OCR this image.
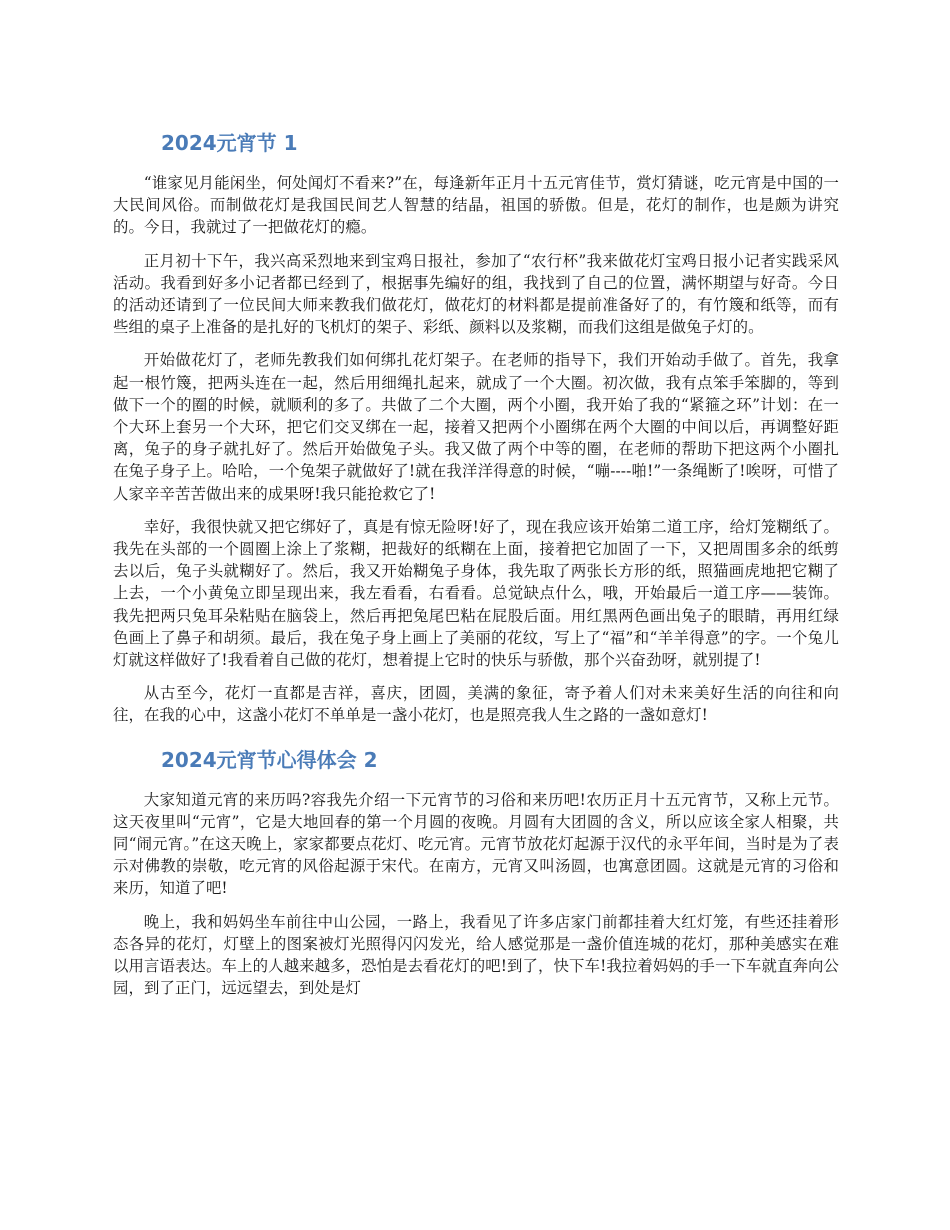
2024元宵节 1

“谁家见月能闲坐，何处闻灯不看来?”在，每逢新年正月十五元宵佳节，赏灯猜谜，吃元宵是中国的一大民间风俗。而制做花灯是我国民间艺人智慧的结晶，祖国的骄傲。但是，花灯的制作，也是颇为讲究的。今日，我就过了一把做花灯的瘾。

正月初十下午，我兴高采烈地来到宝鸡日报社，参加了“农行杯”我来做花灯宝鸡日报小记者实践采风活动。我看到好多小记者都已经到了，根据事先编好的组，我找到了自己的位置，满怀期望与好奇。今日的活动还请到了一位民间大师来教我们做花灯，做花灯的材料都是提前准备好了的，有竹篾和纸等，而有些组的桌子上准备的是扎好的飞机灯的架子、彩纸、颜料以及浆糊，而我们这组是做兔子灯的。

开始做花灯了，老师先教我们如何绑扎花灯架子。在老师的指导下，我们开始动手做了。首先，我拿起一根竹篾，把两头连在一起，然后用细绳扎起来，就成了一个大圈。初次做，我有点笨手笨脚的，等到做下一个的圈的时候，就顺利的多了。共做了二个大圈，两个小圈，我开始了我的“紧箍之环”计划：在一个大环上套另一个大环，把它们交叉绑在一起，接着又把两个小圈绑在两个大圈的中间以后，再调整好距离，兔子的身子就扎好了。然后开始做兔子头。我又做了两个中等的圈，在老师的帮助下把这两个小圈扎在兔子身子上。哈哈，一个兔架子就做好了!就在我洋洋得意的时候，“嘣----啪!”一条绳断了!唉呀，可惜了人家辛辛苦苦做出来的成果呀!我只能抢救它了!

幸好，我很快就又把它绑好了，真是有惊无险呀!好了，现在我应该开始第二道工序，给灯笼糊纸了。我先在头部的一个圆圈上涂上了浆糊，把裁好的纸糊在上面，接着把它加固了一下，又把周围多余的纸剪去以后，兔子头就糊好了。然后，我又开始糊兔子身体，我先取了两张长方形的纸，照猫画虎地把它糊了上去，一个小黄兔立即呈现出来，我左看看，右看看。总觉缺点什么，哦，开始最后一道工序——装饰。我先把两只兔耳朵粘贴在脑袋上，然后再把兔尾巴粘在屁股后面。用红黑两色画出兔子的眼睛，再用红绿色画上了鼻子和胡须。最后，我在兔子身上画上了美丽的花纹，写上了“福”和“羊羊得意”的字。一个兔儿灯就这样做好了!我看着自己做的花灯，想着提上它时的快乐与骄傲，那个兴奋劲呀，就别提了!

从古至今，花灯一直都是吉祥，喜庆，团圆，美满的象征，寄予着人们对未来美好生活的向往和向往，在我的心中，这盏小花灯不单单是一盏小花灯，也是照亮我人生之路的一盏如意灯!

2024元宵节心得体会 2

大家知道元宵的来历吗?容我先介绍一下元宵节的习俗和来历吧!农历正月十五元宵节，又称上元节。这天夜里叫“元宵”，它是大地回春的第一个月圆的夜晚。月圆有大团圆的含义，所以应该全家人相聚，共同“闹元宵。”在这天晚上，家家都要点花灯、吃元宵。元宵节放花灯起源于汉代的永平年间，当时是为了表示对佛教的崇敬，吃元宵的风俗起源于宋代。在南方，元宵又叫汤圆，也寓意团圆。这就是元宵的习俗和来历，知道了吧!

晚上，我和妈妈坐车前往中山公园，一路上，我看见了许多店家门前都挂着大红灯笼，有些还挂着形态各异的花灯，灯壁上的图案被灯光照得闪闪发光，给人感觉那是一盏价值连城的花灯，那种美感实在难以用言语表达。车上的人越来越多，恐怕是去看花灯的吧!到了，快下车!我拉着妈妈的手一下车就直奔向公园，到了正门，远远望去，到处是灯
